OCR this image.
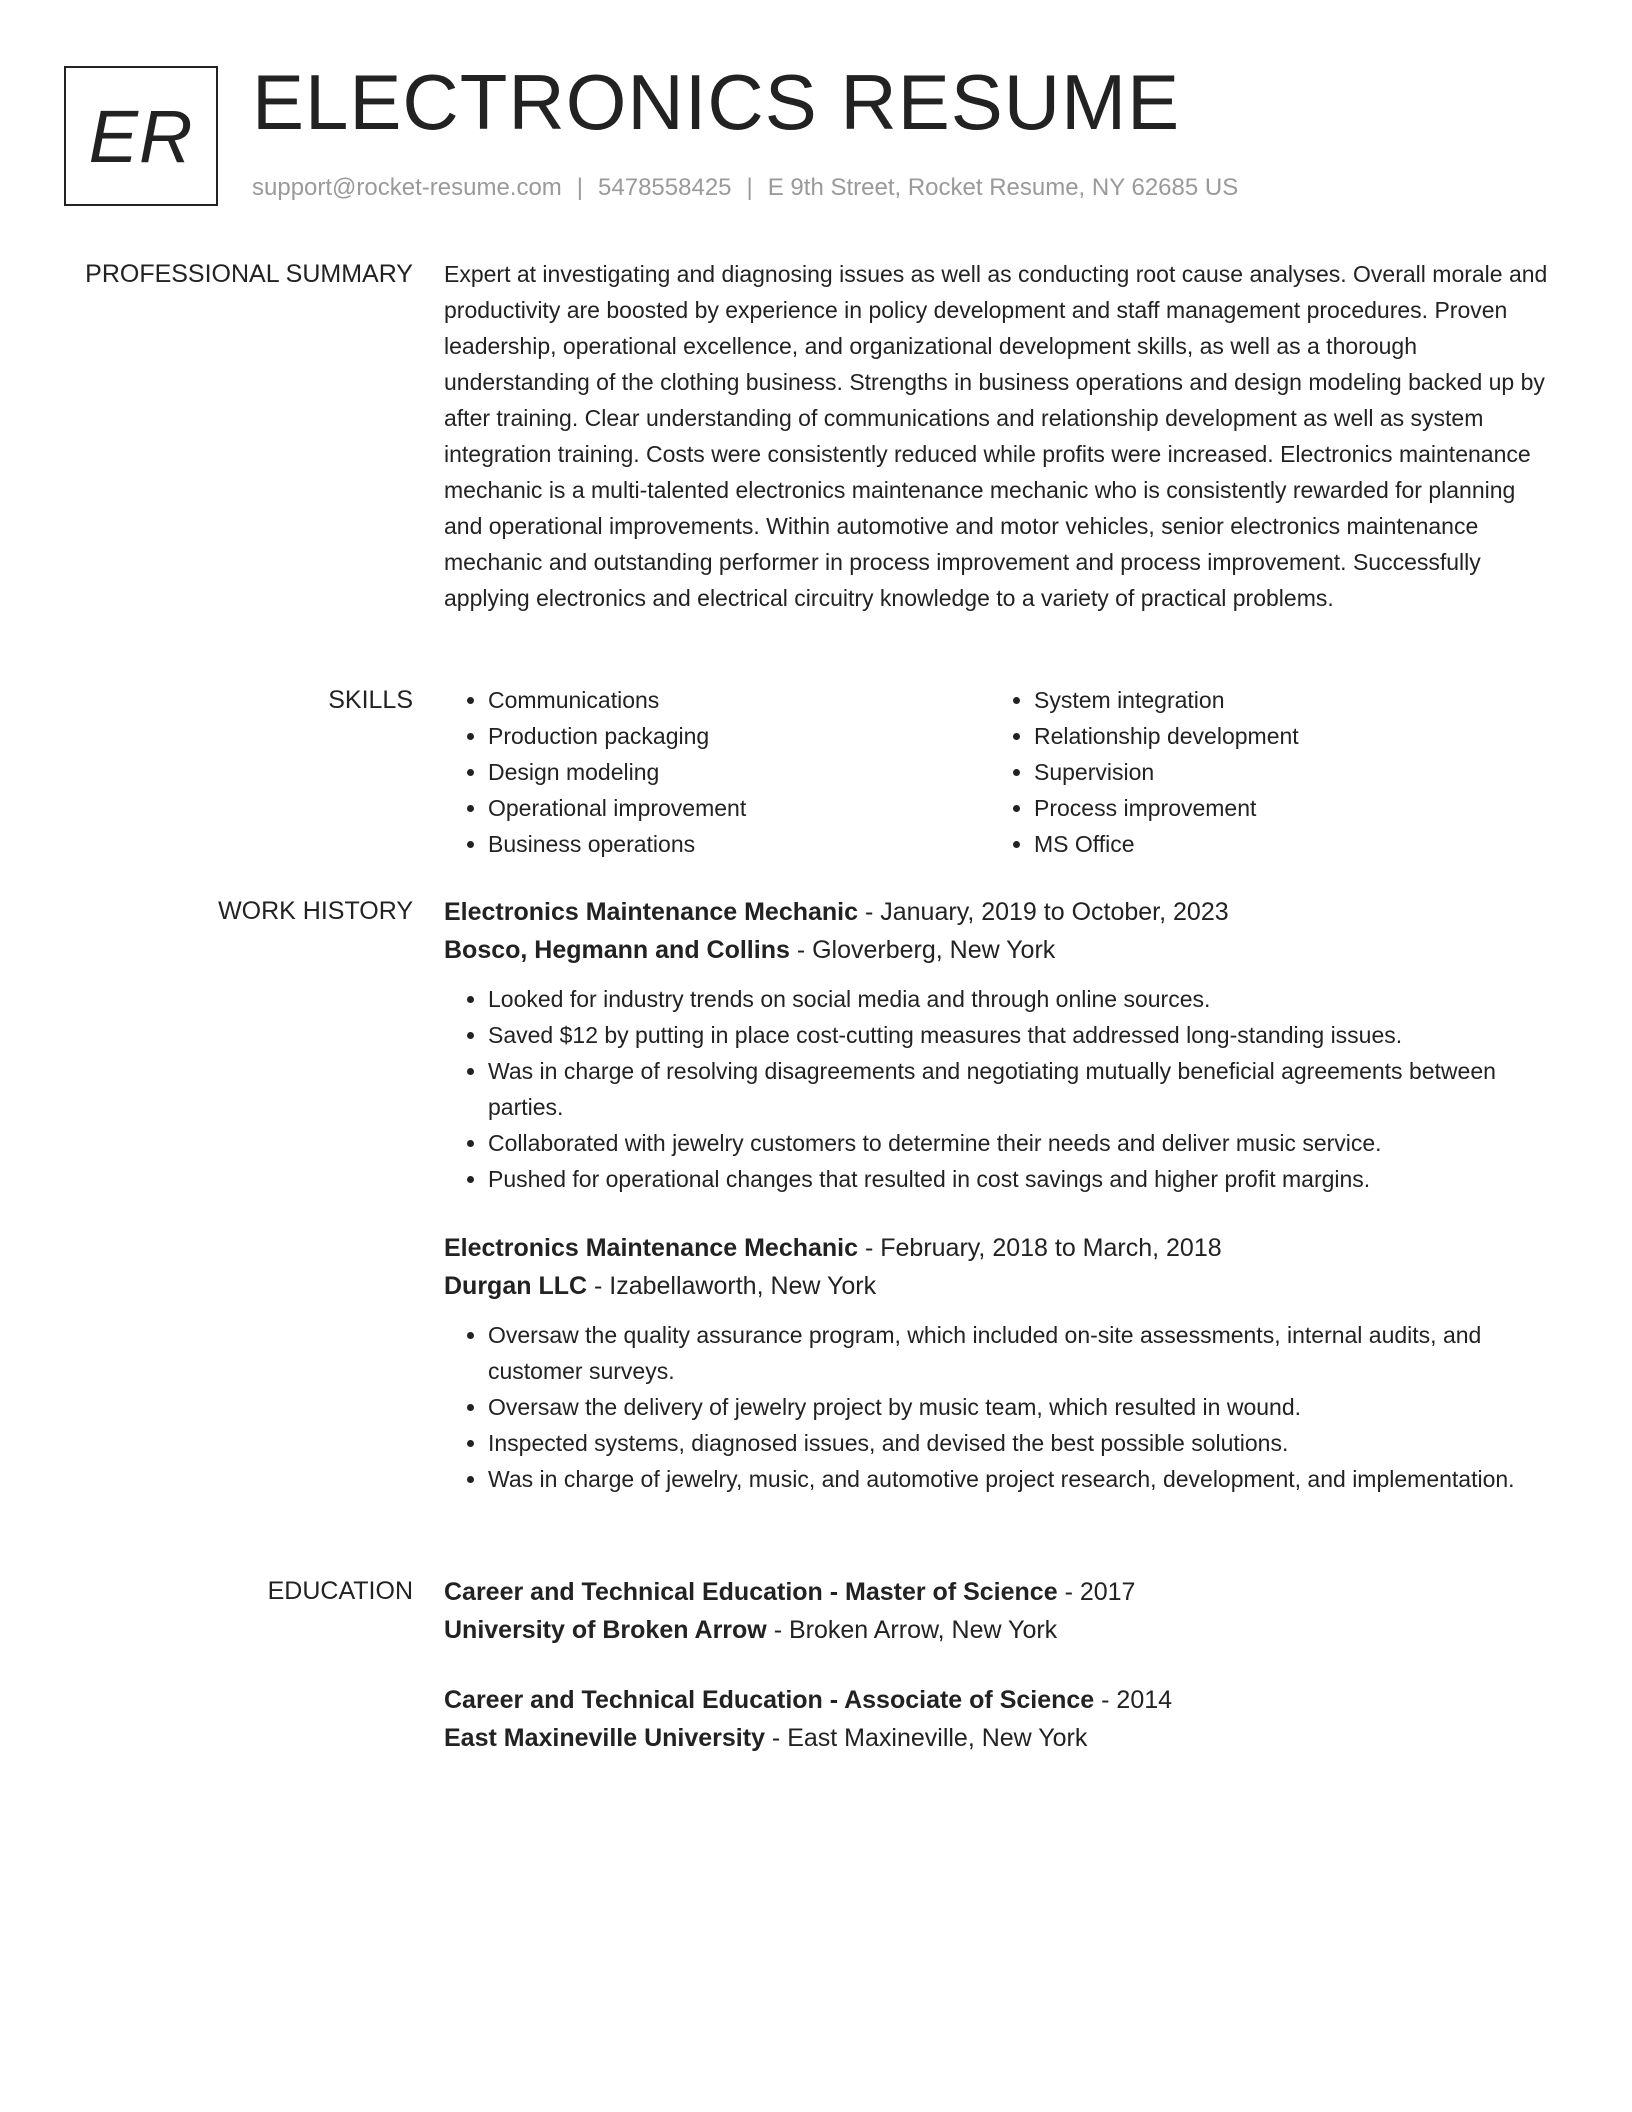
ER ELECTRONICS RESUME
support@rocket-resume.com | 5478558425 | E 9th Street, Rocket Resume, NY 62685 US
PROFESSIONAL SUMMARY Expert at investigating and diagnosing issues as well as conducting root cause analyses. Overall morale and productivity are boosted by experience in policy development and staff management procedures. Proven leadership, operational excellence, and organizational development skills, as well as a thorough understanding of the clothing business. Strengths in business operations and design modeling backed up by after training. Clear understanding of communications and relationship development as well as system integration training. Costs were consistently reduced while profits were increased. Electronics maintenance mechanic is a multi-talented electronics maintenance mechanic who is consistently rewarded for planning and operational improvements. Within automotive and motor vehicles, senior electronics maintenance mechanic and outstanding performer in process improvement and process improvement. Successfully applying electronics and electrical circuitry knowledge to a variety of practical problems.

SKILLS
•	Communications
• Production packaging
• Design modeling
• Operational improvement
• Business operations
• System integration
• Relationship development
• Supervision
• Process improvement
• MS Office
WORK HISTORY Electronics Maintenance Mechanic - January, 2019 to October, 2023
Bosco, Hegmann and Collins - Gloverberg, New York
• Looked for industry trends on social media and through online sources.
• Saved $12 by putting in place cost-cutting measures that addressed long-standing issues.
• Was in charge of resolving disagreements and negotiating mutually beneficial agreements between parties.
• Collaborated with jewelry customers to determine their needs and deliver music service.
• Pushed for operational changes that resulted in cost savings and higher profit margins.
Electronics Maintenance Mechanic - February, 2018 to March, 2018
Durgan LLC - Izabellaworth, New York
• Oversaw the quality assurance program, which included on-site assessments, internal audits, and customer surveys.
• Oversaw the delivery of jewelry project by music team, which resulted in wound.
• Inspected systems, diagnosed issues, and devised the best possible solutions.
• Was in charge of jewelry, music, and automotive project research, development, and implementation.
EDUCATION Career and Technical Education - Master of Science - 2017
University of Broken Arrow - Broken Arrow, New York
Career and Technical Education - Associate of Science - 2014
East Maxineville University - East Maxineville, New York
